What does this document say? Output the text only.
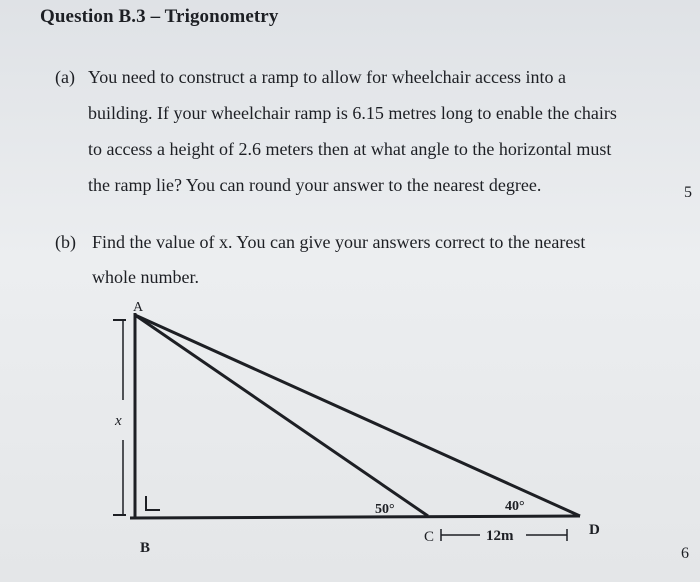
Question B.3 – Trigonometry
(a) You need to construct a ramp to allow for wheelchair access into a
building. If your wheelchair ramp is 6.15 metres long to enable the chairs
to access a height of 2.6 meters then at what angle to the horizontal must
the ramp lie? You can round your answer to the nearest degree.	5
(b) Find the value of x. You can give your answers correct to the nearest
whole number.
6
A
B
C	D
x
50°	40°
12m
